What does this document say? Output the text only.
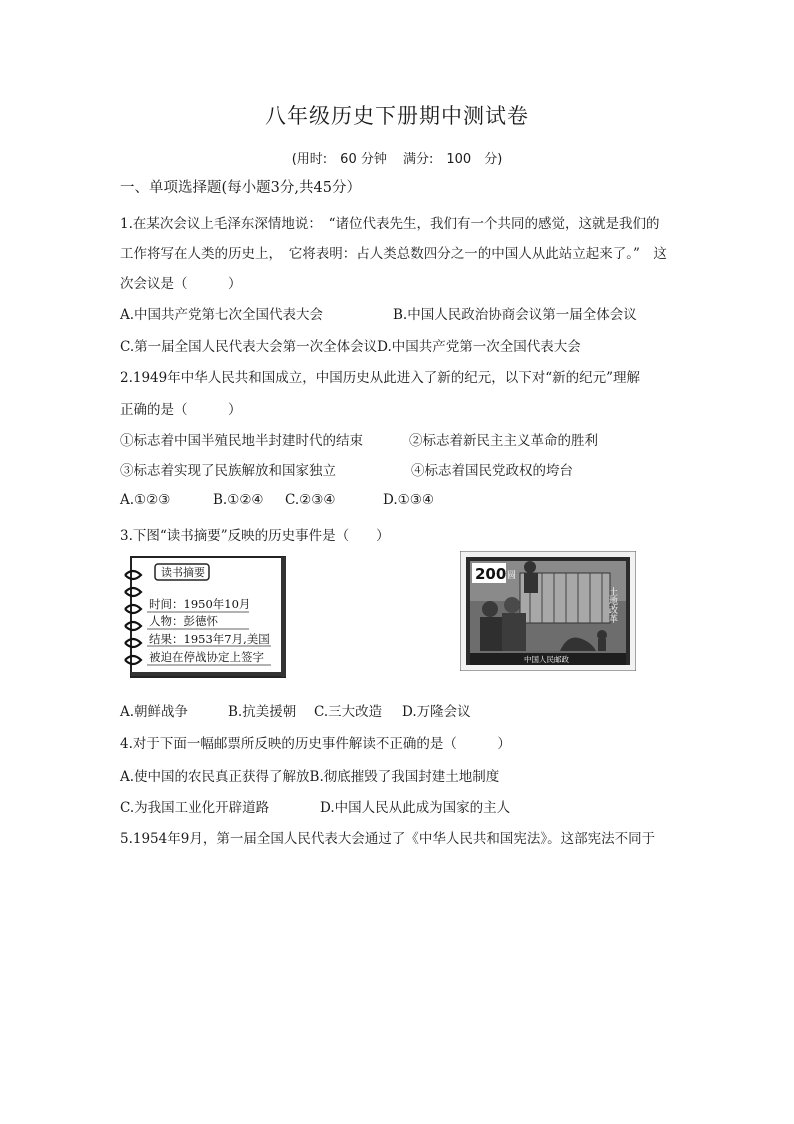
八年级历史下册期中测试卷
(用时:　60 分钟 满分:　100　分)
一、单项选择题(每小题3分,共45分）
1.在某次会议上毛泽东深情地说：　“诸位代表先生，我们有一个共同的感觉，这就是我们的
工作将写在人类的历史上，　它将表明：占人类总数四分之一的中国人从此站立起来了。”　这
次会议是（　　　）
A.中国共产党第七次全国代表大会	B.中国人民政治协商会议第一届全体会议
C.第一届全国人民代表大会第一次全体会议D.中国共产党第一次全国代表大会
2.1949年中华人民共和国成立，中国历史从此进入了新的纪元，以下对“新的纪元”理解
正确的是（　　　）
①标志着中国半殖民地半封建时代的结束	②标志着新民主主义革命的胜利
③标志着实现了民族解放和国家独立	④标志着国民党政权的垮台
A.①②③	B.①②④ C.②③④	D.①③④
3.下图“读书摘要”反映的历史事件是（　　）
读书摘要
时间：1950年10月
人物：彭德怀
结果：1953年7月,美国
被迫在停战协定上签字
200 圆
土地改革
中国人民邮政
A.朝鲜战争	B.抗美援朝 C.三大改造 D.万隆会议
4.对于下面一幅邮票所反映的历史事件解读不正确的是（　　　）
A.使中国的农民真正获得了解放B.彻底摧毁了我国封建土地制度
C.为我国工业化开辟道路	D.中国人民从此成为国家的主人
5.1954年9月，第一届全国人民代表大会通过了《中华人民共和国宪法》。这部宪法不同于
